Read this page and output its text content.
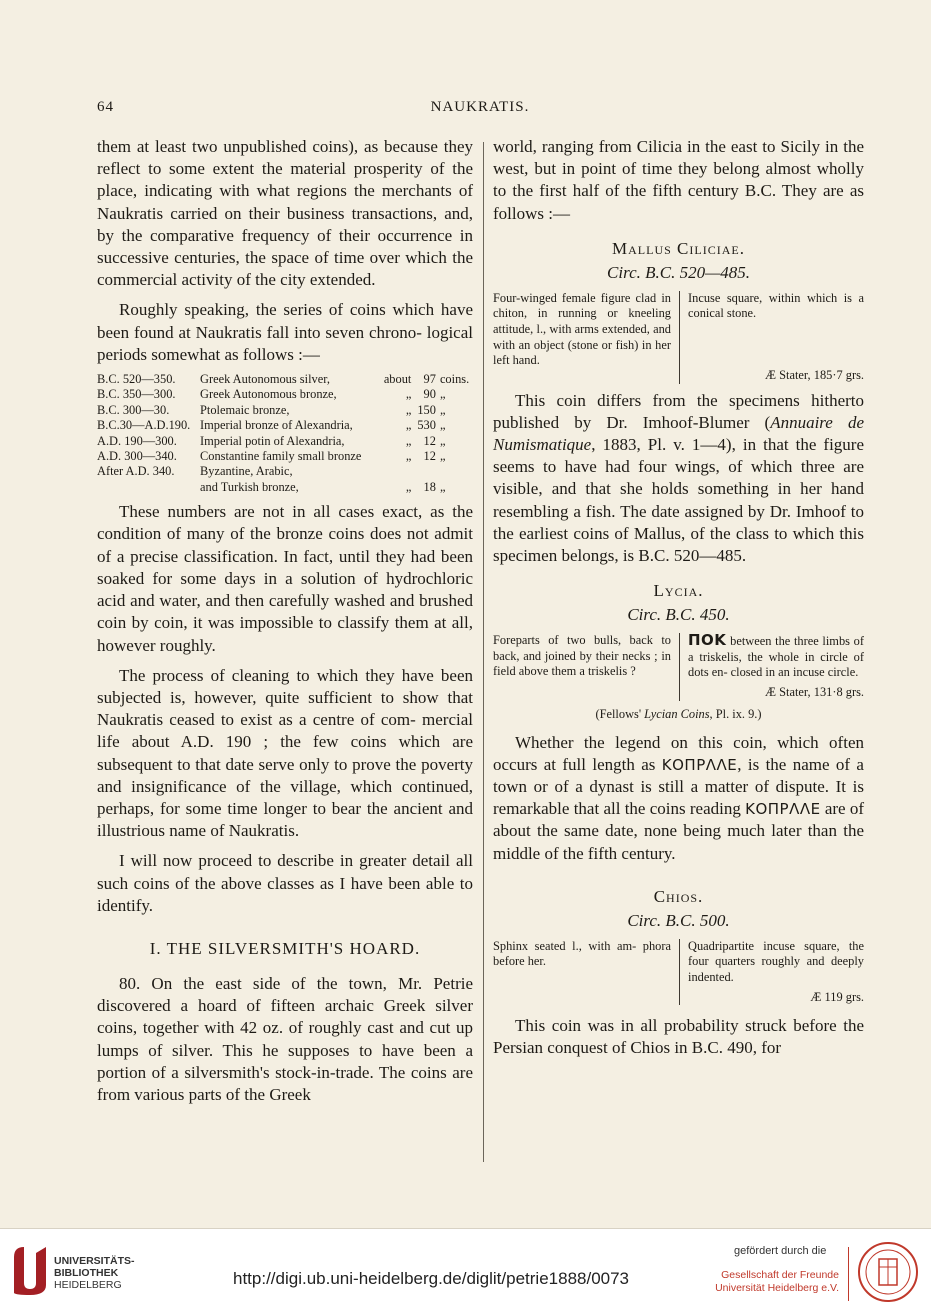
64	NAUKRATIS.

them at least two unpublished coins), as because they reflect to some extent the material prosperity of the place, indicating with what regions the merchants of Naukratis carried on their business transactions, and, by the comparative frequency of their occurrence in successive centuries, the space of time over which the commercial activity of the city extended.

Roughly speaking, the series of coins which have been found at Naukratis fall into seven chrono- logical periods somewhat as follows :—

B.C. 520—350.	Greek Autonomous silver,	about	97	coins.
B.C. 350—300.	Greek Autonomous bronze,	„	90	„
B.C. 300—30.	Ptolemaic bronze,	„	150	„
B.C.30—A.D.190.	Imperial bronze of Alexandria,	„	530	„
A.D. 190—300.	Imperial potin of Alexandria,	„	12	„
A.D. 300—340.	Constantine family small bronze	„	12	„
After A.D. 340.	Byzantine, Arabic,			
	and Turkish bronze,	„	18	„

These numbers are not in all cases exact, as the condition of many of the bronze coins does not admit of a precise classification. In fact, until they had been soaked for some days in a solution of hydrochloric acid and water, and then carefully washed and brushed coin by coin, it was impossible to classify them at all, however roughly.

The process of cleaning to which they have been subjected is, however, quite sufficient to show that Naukratis ceased to exist as a centre of com- mercial life about A.D. 190 ; the few coins which are subsequent to that date serve only to prove the poverty and insignificance of the village, which continued, perhaps, for some time longer to bear the ancient and illustrious name of Naukratis.

I will now proceed to describe in greater detail all such coins of the above classes as I have been able to identify.

I. THE SILVERSMITH'S HOARD.

80. On the east side of the town, Mr. Petrie discovered a hoard of fifteen archaic Greek silver coins, together with 42 oz. of roughly cast and cut up lumps of silver. This he supposes to have been a portion of a silversmith's stock-in-trade. The coins are from various parts of the Greek

world, ranging from Cilicia in the east to Sicily in the west, but in point of time they belong almost wholly to the first half of the fifth century B.C. They are as follows :—

Mallus Ciliciae.
Circ. B.C. 520—485.
Four-winged female figure clad in chiton, in running or kneeling attitude, l., with arms extended, and with an object (stone or fish) in her left hand.
Incuse square, within which is a conical stone.
Æ Stater, 185·7 grs.

This coin differs from the specimens hitherto published by Dr. Imhoof-Blumer (Annuaire de Numismatique, 1883, Pl. v. 1—4), in that the figure seems to have had four wings, of which three are visible, and that she holds something in her hand resembling a fish. The date assigned by Dr. Imhoof to the earliest coins of Mallus, of the class to which this specimen belongs, is B.C. 520—485.

Lycia.
Circ. B.C. 450.
Foreparts of two bulls, back to back, and joined by their necks ; in field above them a triskelis ?
ΠΟΚ between the three limbs of a triskelis, the whole in circle of dots en- closed in an incuse circle.
Æ Stater, 131·8 grs.
(Fellows' Lycian Coins, Pl. ix. 9.)

Whether the legend on this coin, which often occurs at full length as ΚΟΠΡΛΛΕ, is the name of a town or of a dynast is still a matter of dispute. It is remarkable that all the coins reading ΚΟΠΡΛΛΕ are of about the same date, none being much later than the middle of the fifth century.

Chios.
Circ. B.C. 500.
Sphinx seated l., with am- phora before her.
Quadripartite incuse square, the four quarters roughly and deeply indented.
Æ 119 grs.

This coin was in all probability struck before the Persian conquest of Chios in B.C. 490, for

UNIVERSITÄTS-
BIBLIOTHEK
HEIDELBERG	http://digi.ub.uni-heidelberg.de/diglit/petrie1888/0073
gefördert durch die
Gesellschaft der Freunde
Universität Heidelberg e.V.
